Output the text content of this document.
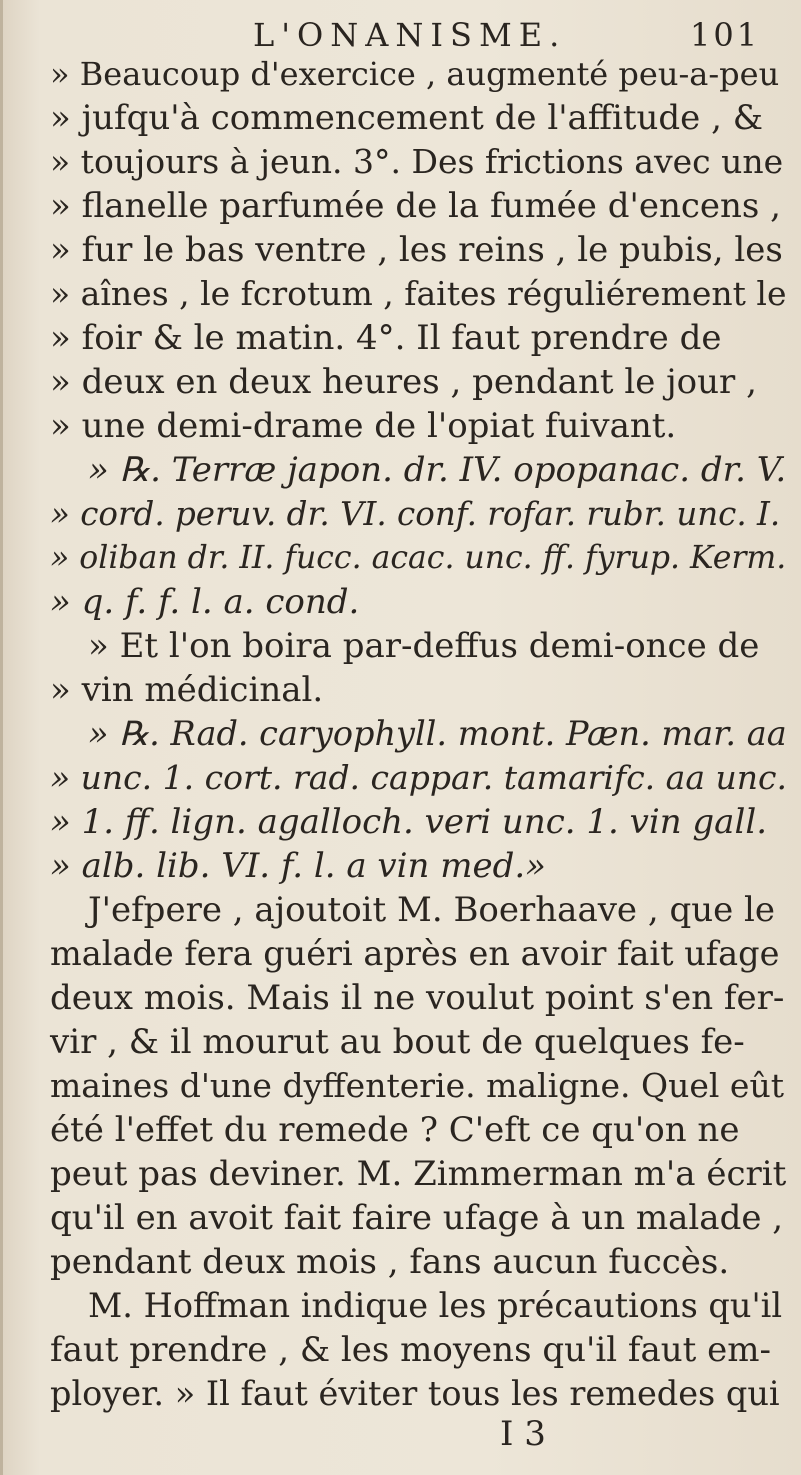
L'ONANISME.	101
» Beaucoup d'exercice , augmenté peu-a-peu
» jufqu'à commencement de l'affitude , &
» toujours à jeun. 3°. Des frictions avec une
» flanelle parfumée de la fumée d'encens ,
» fur le bas ventre , les reins , le pubis, les
» aînes , le fcrotum , faites réguliérement le
» foir & le matin. 4°. Il faut prendre de
» deux en deux heures , pendant le jour ,
» une demi-drame de l'opiat fuivant.
» ℞. Terræ japon. dr. IV. opopanac. dr. V.
» cord. peruv. dr. VI. conf. rofar. rubr. unc. I.
» oliban dr. II. fucc. acac. unc. ff. fyrup. Kerm.
» q. f. f. l. a. cond.
» Et l'on boira par-deffus demi-once de
» vin médicinal.
» ℞. Rad. caryophyll. mont. Pæn. mar. aa
» unc. 1. cort. rad. cappar. tamarifc. aa unc.
» 1. ff. lign. agalloch. veri unc. 1. vin gall.
» alb. lib. VI. f. l. a vin med.»
J'efpere , ajoutoit M. Boerhaave , que le
malade fera guéri après en avoir fait ufage
deux mois. Mais il ne voulut point s'en fer-
vir , & il mourut au bout de quelques fe-
maines d'une dyffenterie. maligne. Quel eût
été l'effet du remede ? C'eft ce qu'on ne
peut pas deviner. M. Zimmerman m'a écrit
qu'il en avoit fait faire ufage à un malade ,
pendant deux mois , fans aucun fuccès.
M. Hoffman indique les précautions qu'il
faut prendre , & les moyens qu'il faut em-
ployer. » Il faut éviter tous les remedes qui
I 3
